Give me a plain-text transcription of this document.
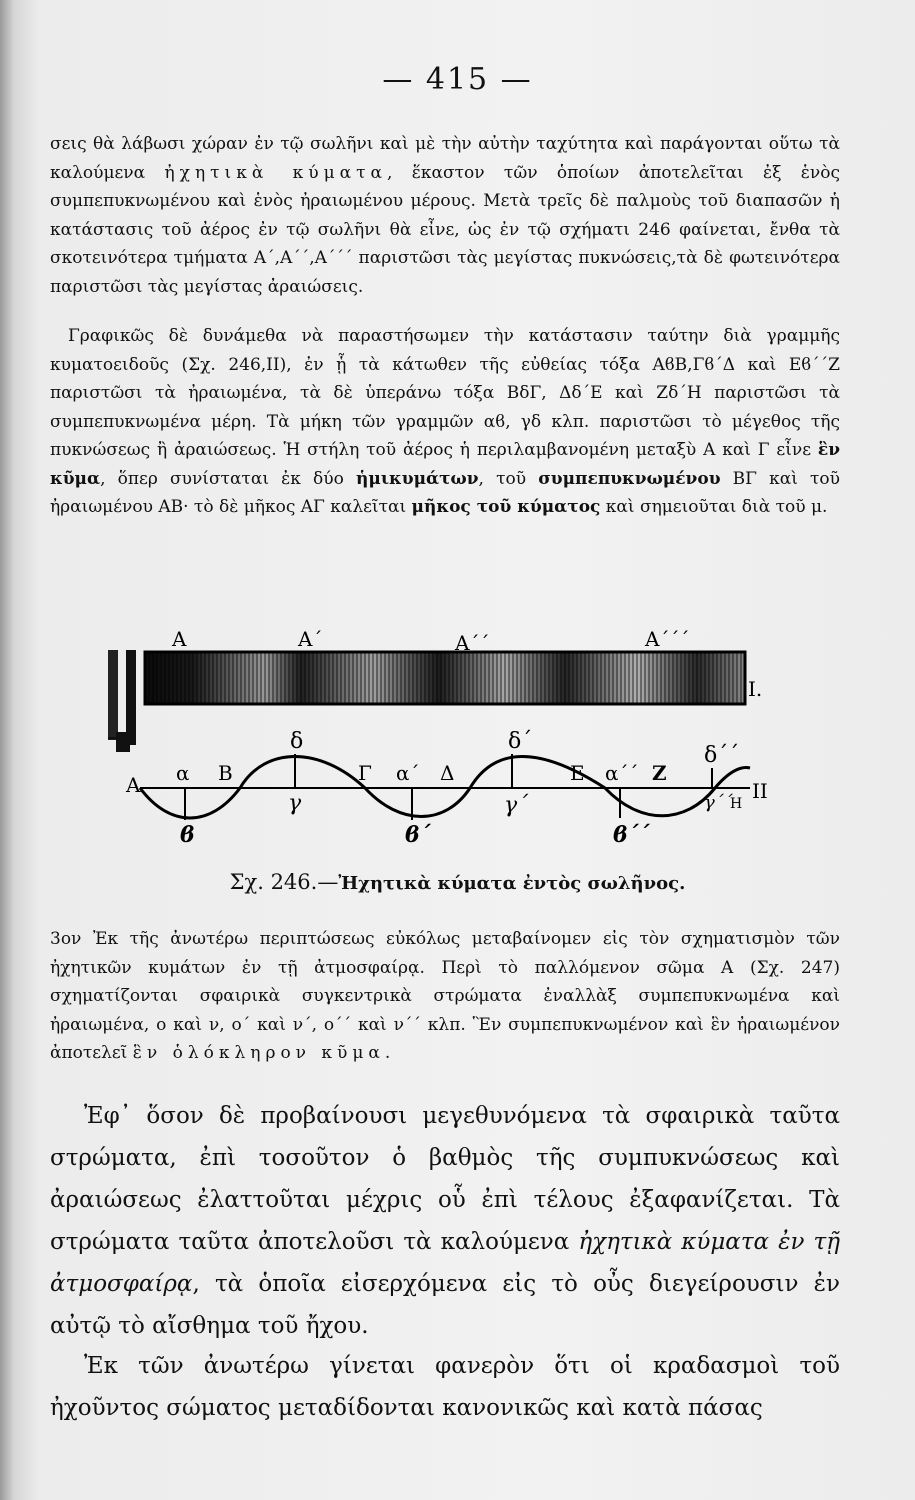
— 415 —
σεις θὰ λάβωσι χώραν ἐν τῷ σωλῆνι καὶ μὲ τὴν αὐτὴν ταχύτητα καὶ παράγονται οὕτω τὰ καλούμενα ἠχητικὰ κύματα, ἕκαστον τῶν ὁποίων ἀποτελεῖται ἐξ ἑνὸς συμπεπυκνωμένου καὶ ἑνὸς ἠραιωμένου μέρους. Μετὰ τρεῖς δὲ παλμοὺς τοῦ διαπασῶν ἡ κατάστασις τοῦ ἀέρος ἐν τῷ σωλῆνι θὰ εἶνε, ὡς ἐν τῷ σχήματι 246 φαίνεται, ἔνθα τὰ σκοτεινότερα τμήματα Α΄,Α΄΄,Α΄΄΄ παριστῶσι τὰς μεγίστας πυκνώσεις,τὰ δὲ φωτεινότερα παριστῶσι τὰς μεγίστας ἀραιώσεις.
Γραφικῶς δὲ δυνάμεθα νὰ παραστήσωμεν τὴν κατάστασιν ταύτην διὰ γραμμῆς κυματοειδοῦς (Σχ. 246,II), ἐν ᾗ τὰ κάτωθεν τῆς εὐθείας τόξα ΑϐΒ,Γϐ΄Δ καὶ Εϐ΄΄Ζ παριστῶσι τὰ ἠραιωμένα, τὰ δὲ ὑπεράνω τόξα ΒδΓ, Δδ΄Ε καὶ Ζδ΄Η παριστῶσι τὰ συμπεπυκνωμένα μέρη. Τὰ μήκη τῶν γραμμῶν αϐ, γδ κλπ. παριστῶσι τὸ μέγεθος τῆς πυκνώσεως ἢ ἀραιώσεως. Ἡ στήλη τοῦ ἀέρος ἡ περιλαμβανομένη μεταξὺ Α καὶ Γ εἶνε ἓν κῦμα, ὅπερ συνίσταται ἐκ δύο ἡμικυμάτων, τοῦ συμπεπυκνωμένου ΒΓ καὶ τοῦ ἠραιωμένου ΑΒ· τὸ δὲ μῆκος ΑΓ καλεῖται μῆκος τοῦ κύματος καὶ σημειοῦται διὰ τοῦ μ.
Α	Α΄	Α΄΄	Α΄΄΄
I.
δ	δ΄
δ΄΄
Α α Β	Γ α΄ Δ	Ε α΄΄ Ζ
Η
γ	γ΄	γ΄΄
ϐ	ϐ΄	ϐ΄΄
II
Σχ. 246.—Ἠχητικὰ κύματα ἐντὸς σωλῆνος.
3ον Ἐκ τῆς ἀνωτέρω περιπτώσεως εὐκόλως μεταβαίνομεν εἰς τὸν σχηματισμὸν τῶν ἠχητικῶν κυμάτων ἐν τῇ ἀτμοσφαίρᾳ. Περὶ τὸ παλλόμενον σῶμα Α (Σχ. 247) σχηματίζονται σφαιρικὰ συγκεντρικὰ στρώματα ἐναλλὰξ συμπεπυκνωμένα καὶ ἠραιωμένα, ο καὶ ν, ο΄ καὶ ν΄, ο΄΄ καὶ ν΄΄ κλπ. Ἓν συμπεπυκνωμένον καὶ ἓν ἠραιωμένον ἀποτελεῖ ἓν ὁλόκληρον κῦμα.
Ἐφ᾽ ὅσον δὲ προβαίνουσι μεγεθυνόμενα τὰ σφαιρικὰ ταῦτα στρώματα, ἐπὶ τοσοῦτον ὁ βαθμὸς τῆς συμπυκνώσεως καὶ ἀραιώσεως ἐλαττοῦται μέχρις οὗ ἐπὶ τέλους ἐξαφανίζεται. Τὰ στρώματα ταῦτα ἀποτελοῦσι τὰ καλούμενα ἠχητικὰ κύματα ἐν τῇ ἀτμοσφαίρᾳ, τὰ ὁποῖα εἰσερχόμενα εἰς τὸ οὖς διεγείρουσιν ἐν αὐτῷ τὸ αἴσθημα τοῦ ἤχου.
Ἐκ τῶν ἀνωτέρω γίνεται φανερὸν ὅτι οἱ κραδασμοὶ τοῦ ἠχοῦντος σώματος μεταδίδονται κανονικῶς καὶ κατὰ πάσας
